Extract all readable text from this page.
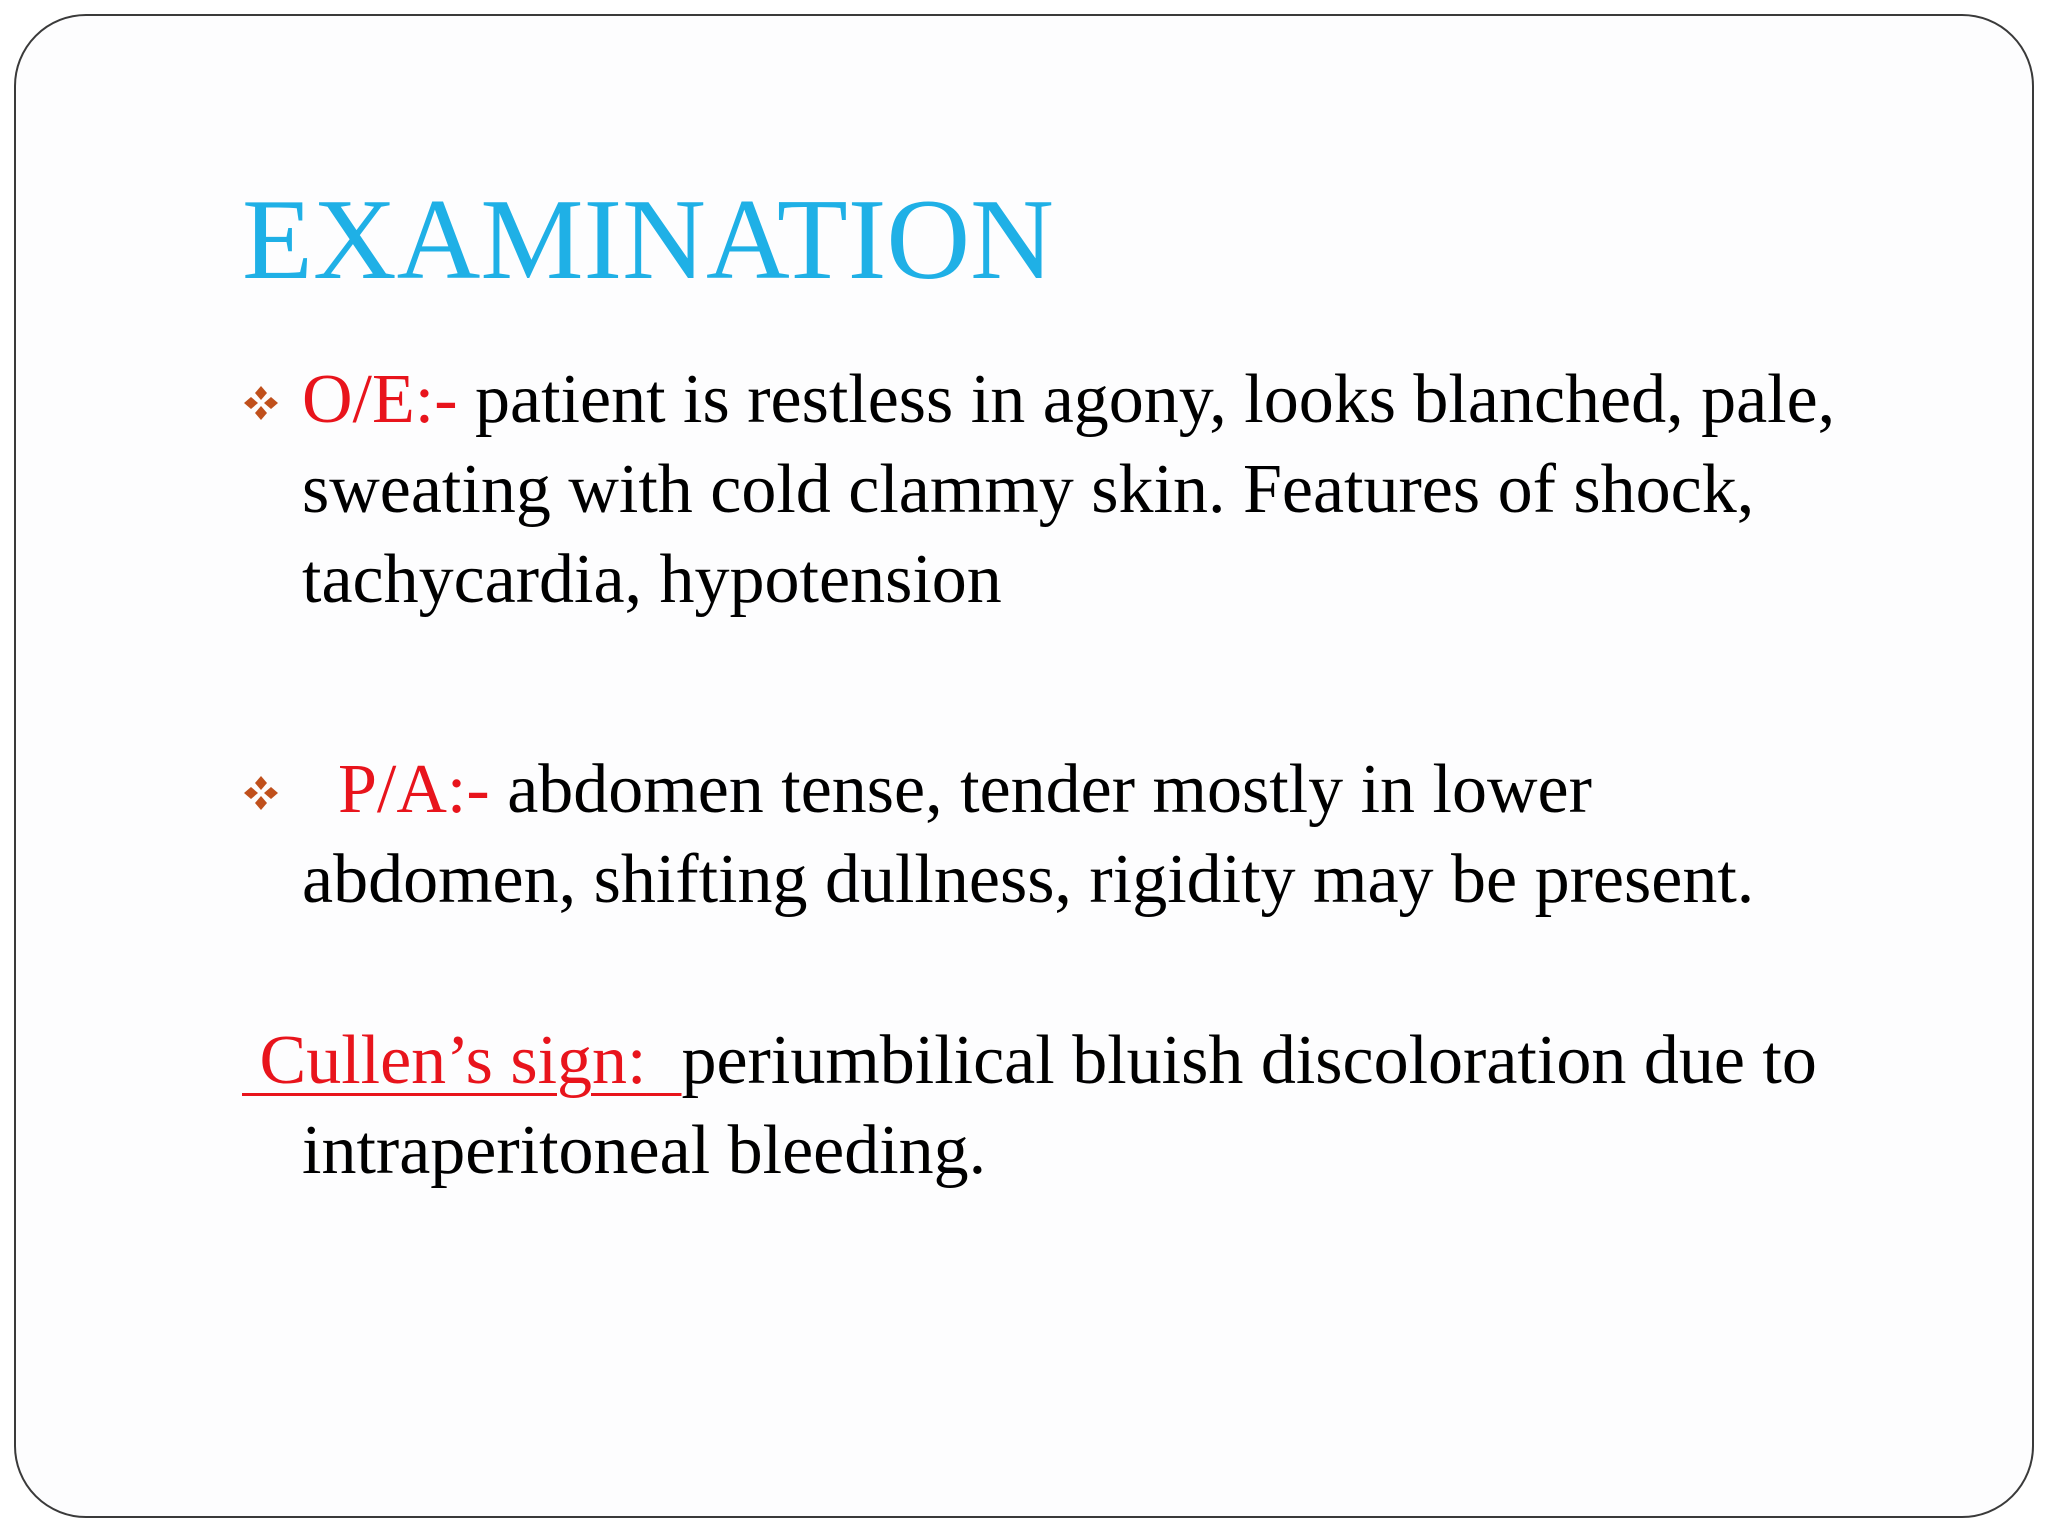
EXAMINATION
O/E:- patient is restless in agony, looks blanched, pale,
sweating with cold clammy skin. Features of shock,
tachycardia, hypotension
P/A:- abdomen tense, tender mostly in lower
abdomen, shifting dullness, rigidity may be present.
Cullen’s sign: periumbilical bluish discoloration due to
intraperitoneal bleeding.
